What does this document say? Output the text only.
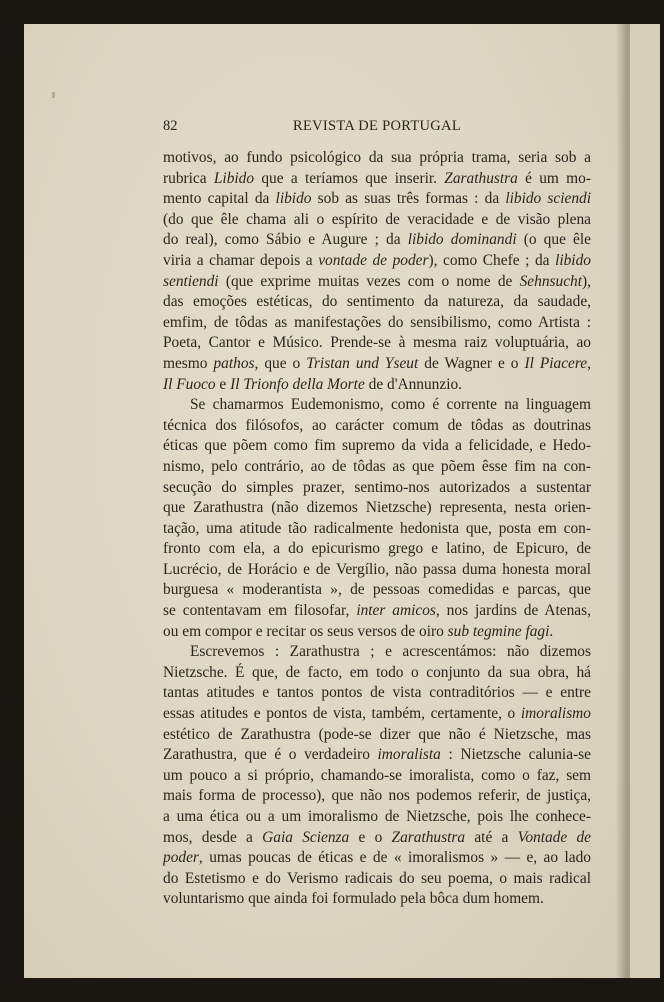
82	REVISTA DE PORTUGAL
motivos, ao fundo psicológico da sua própria trama, seria sob a
rubrica Libido que a teríamos que inserir. Zarathustra é um mo-
mento capital da libido sob as suas três formas : da libido sciendi
(do que êle chama ali o espírito de veracidade e de visão plena
do real), como Sábio e Augure ; da libido dominandi (o que êle
viria a chamar depois a vontade de poder), como Chefe ; da libido
sentiendi (que exprime muitas vezes com o nome de Sehnsucht),
das emoções estéticas, do sentimento da natureza, da saudade,
emfim, de tôdas as manifestações do sensibilismo, como Artista :
Poeta, Cantor e Músico. Prende-se à mesma raiz voluptuária, ao
mesmo pathos, que o Tristan und Yseut de Wagner e o Il Piacere,
Il Fuoco e Il Trionfo della Morte de d'Annunzio.
Se chamarmos Eudemonismo, como é corrente na linguagem
técnica dos filósofos, ao carácter comum de tôdas as doutrinas
éticas que põem como fim supremo da vida a felicidade, e Hedo-
nismo, pelo contrário, ao de tôdas as que põem êsse fim na con-
secução do simples prazer, sentimo-nos autorizados a sustentar
que Zarathustra (não dizemos Nietzsche) representa, nesta orien-
tação, uma atitude tão radicalmente hedonista que, posta em con-
fronto com ela, a do epicurismo grego e latino, de Epicuro, de
Lucrécio, de Horácio e de Vergílio, não passa duma honesta moral
burguesa « moderantista », de pessoas comedidas e parcas, que
se contentavam em filosofar, inter amicos, nos jardins de Atenas,
ou em compor e recitar os seus versos de oiro sub tegmine fagi.
Escrevemos : Zarathustra ; e acrescentámos: não dizemos
Nietzsche. É que, de facto, em todo o conjunto da sua obra, há
tantas atitudes e tantos pontos de vista contraditórios — e entre
essas atitudes e pontos de vista, também, certamente, o imoralismo
estético de Zarathustra (pode-se dizer que não é Nietzsche, mas
Zarathustra, que é o verdadeiro imoralista : Nietzsche calunia-se
um pouco a si próprio, chamando-se imoralista, como o faz, sem
mais forma de processo), que não nos podemos referir, de justiça,
a uma ética ou a um imoralismo de Nietzsche, pois lhe conhece-
mos, desde a Gaia Scienza e o Zarathustra até a Vontade de
poder, umas poucas de éticas e de « imoralismos » — e, ao lado
do Estetismo e do Verismo radicais do seu poema, o mais radical
voluntarismo que ainda foi formulado pela bôca dum homem.
